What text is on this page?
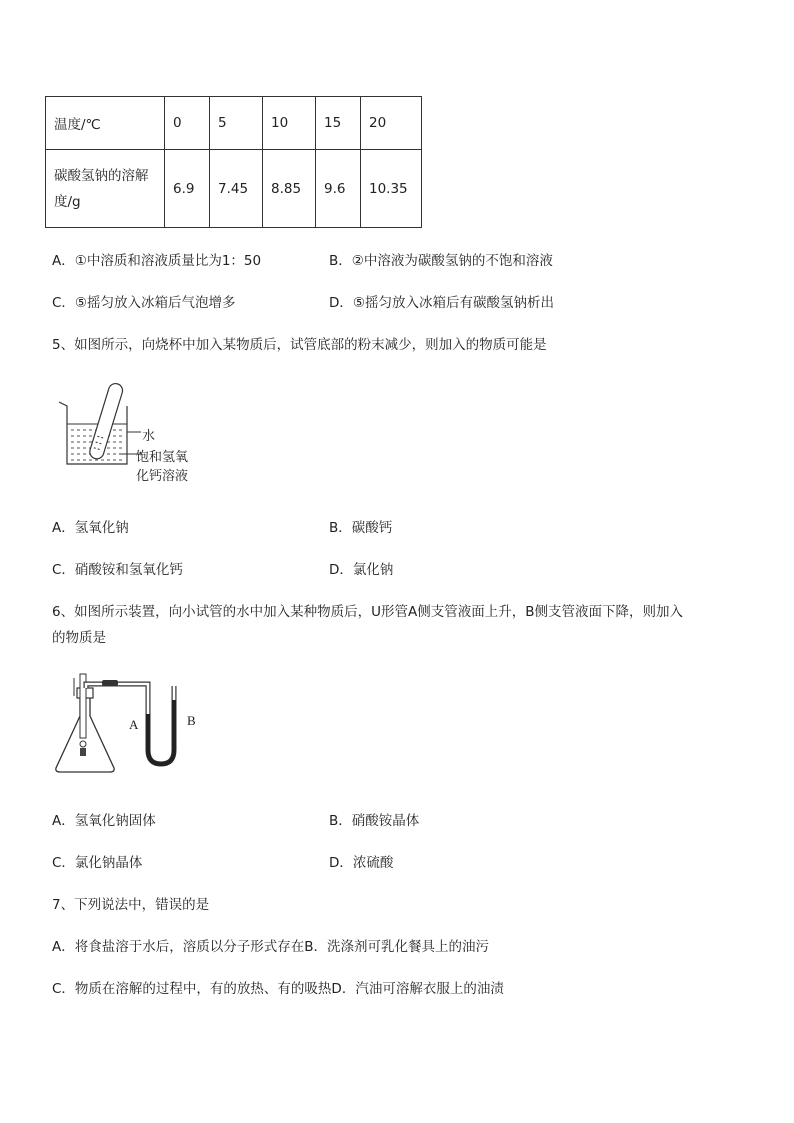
温度/℃	0	5	10	15	20

碳酸氢钠的溶解度/g	6.9	7.45	8.85	9.6	10.35
A．①中溶质和溶液质量比为1：50	B．②中溶液为碳酸氢钠的不饱和溶液
C．⑤摇匀放入冰箱后气泡增多	D．⑤摇匀放入冰箱后有碳酸氢钠析出
5、如图所示，向烧杯中加入某物质后，试管底部的粉末减少，则加入的物质可能是
水
饱和氢氧
化钙溶液
A．氢氧化钠	B．碳酸钙
C．硝酸铵和氢氧化钙	D．氯化钠
6、如图所示装置，向小试管的水中加入某种物质后，U形管A侧支管液面上升，B侧支管液面下降，则加入
的物质是
A	B
A．氢氧化钠固体	B．硝酸铵晶体
C．氯化钠晶体	D．浓硫酸
7、下列说法中，错误的是
A．将食盐溶于水后，溶质以分子形式存在B．洗涤剂可乳化餐具上的油污
C．物质在溶解的过程中，有的放热、有的吸热D．汽油可溶解衣服上的油渍
